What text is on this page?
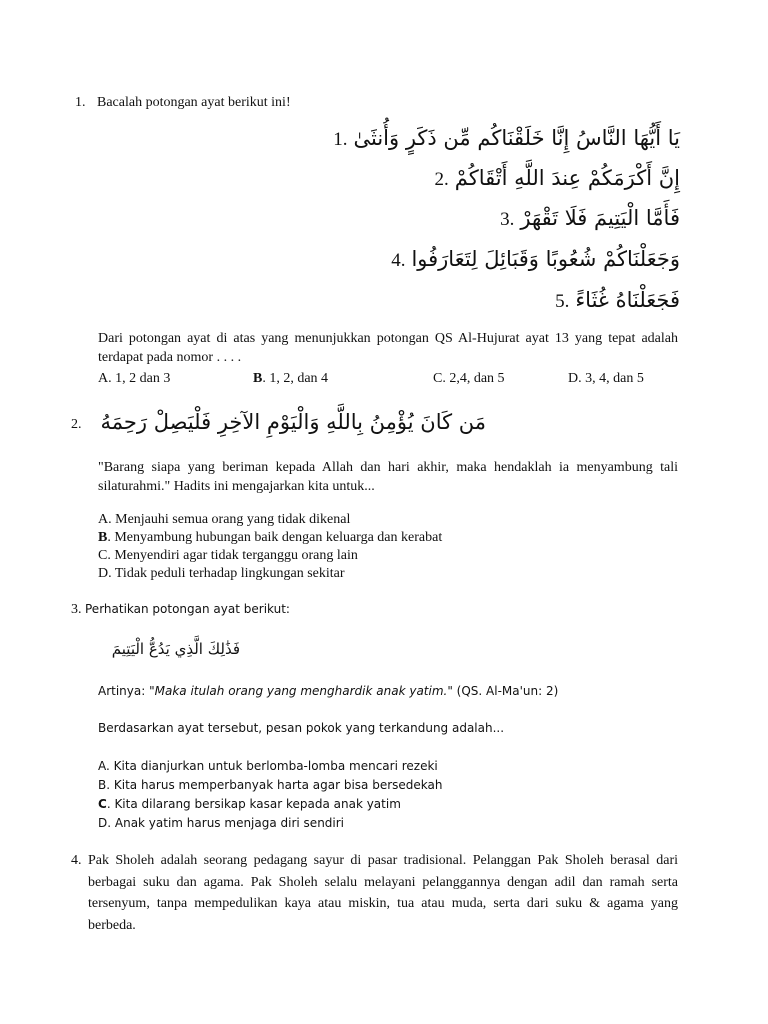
1. Bacalah potongan ayat berikut ini!
1. يَا أَيُّهَا النَّاسُ إِنَّا خَلَقْنَاكُم مِّن ذَكَرٍ وَأُنثَىٰ
2. إِنَّ أَكْرَمَكُمْ عِندَ اللَّهِ أَتْقَاكُمْ
3. فَأَمَّا الْيَتِيمَ فَلَا تَقْهَرْ
4. وَجَعَلْنَاكُمْ شُعُوبًا وَقَبَائِلَ لِتَعَارَفُوا
5. فَجَعَلْنَاهُ غُثَاءً
Dari potongan ayat di atas yang menunjukkan potongan QS Al-Hujurat ayat 13 yang tepat adalah terdapat pada nomor . . . .
A. 1, 2 dan 3	B. 1, 2, dan 4	C. 2,4, dan 5	D. 3, 4, dan 5
2. مَن كَانَ يُؤْمِنُ بِاللَّهِ وَالْيَوْمِ الآخِرِ فَلْيَصِلْ رَحِمَهُ
"Barang siapa yang beriman kepada Allah dan hari akhir, maka hendaklah ia menyambung tali silaturahmi." Hadits ini mengajarkan kita untuk...
A. Menjauhi semua orang yang tidak dikenal
B. Menyambung hubungan baik dengan keluarga dan kerabat
C. Menyendiri agar tidak terganggu orang lain
D. Tidak peduli terhadap lingkungan sekitar
3. Perhatikan potongan ayat berikut:
فَذَٰلِكَ الَّذِي يَدُعُّ الْيَتِيمَ
Artinya: "Maka itulah orang yang menghardik anak yatim." (QS. Al-Ma'un: 2)
Berdasarkan ayat tersebut, pesan pokok yang terkandung adalah...
A. Kita dianjurkan untuk berlomba-lomba mencari rezeki
B. Kita harus memperbanyak harta agar bisa bersedekah
C. Kita dilarang bersikap kasar kepada anak yatim
D. Anak yatim harus menjaga diri sendiri
4. Pak Sholeh adalah seorang pedagang sayur di pasar tradisional. Pelanggan Pak Sholeh berasal dari berbagai suku dan agama. Pak Sholeh selalu melayani pelanggannya dengan adil dan ramah serta tersenyum, tanpa mempedulikan kaya atau miskin, tua atau muda, serta dari suku & agama yang berbeda.
